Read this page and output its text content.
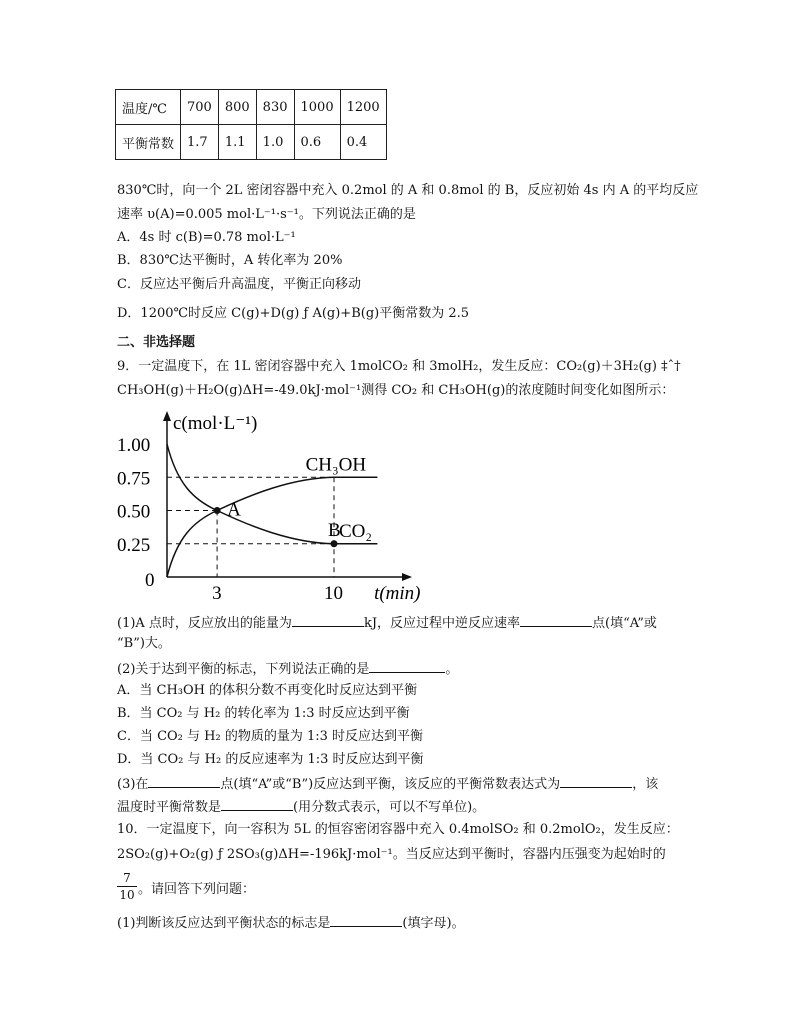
温度/℃	700	800	830	1000	1200
平衡常数	1.7	1.1	1.0	0.6	0.4
830℃时，向一个 2L 密闭容器中充入 0.2mol 的 A 和 0.8mol 的 B，反应初始 4s 内 A 的平均反应
速率 υ(A)=0.005 mol·L⁻¹·s⁻¹。下列说法正确的是
A．4s 时 c(B)=0.78 mol·L⁻¹
B．830℃达平衡时，A 转化率为 20%
C．反应达平衡后升高温度，平衡正向移动
D．1200℃时反应 C(g)+D(g) ƒ A(g)+B(g)平衡常数为 2.5
二、非选择题
9．一定温度下，在 1L 密闭容器中充入 1molCO₂ 和 3molH₂，发生反应：CO₂(g)＋3H₂(g) ‡ˆ†
CH₃OH(g)＋H₂O(g)ΔH=-49.0kJ·mol⁻¹测得 CO₂ 和 CH₃OH(g)的浓度随时间变化如图所示：
1.00
0.75
0.50
0.25
0
3	10 t(min)
c(mol·L⁻¹)
CH₃OH
CO₂
A
B
(1)A 点时，反应放出的能量为	kJ，反应过程中逆反应速率	点(填“A”或
“B”)大。
(2)关于达到平衡的标志，下列说法正确的是	。
A．当 CH₃OH 的体积分数不再变化时反应达到平衡
B．当 CO₂ 与 H₂ 的转化率为 1:3 时反应达到平衡
C．当 CO₂ 与 H₂ 的物质的量为 1:3 时反应达到平衡
D．当 CO₂ 与 H₂ 的反应速率为 1:3 时反应达到平衡
(3)在	点(填“A”或“B”)反应达到平衡，该反应的平衡常数表达式为	，该
温度时平衡常数是	(用分数式表示，可以不写单位)。
10．一定温度下，向一容积为 5L 的恒容密闭容器中充入 0.4molSO₂ 和 0.2molO₂，发生反应：
2SO₂(g)+O₂(g) ƒ 2SO₃(g)ΔH=-196kJ·mol⁻¹。当反应达到平衡时，容器内压强变为起始时的
$\frac{7}{10}$ 。请回答下列问题：
(1)判断该反应达到平衡状态的标志是	(填字母)。
